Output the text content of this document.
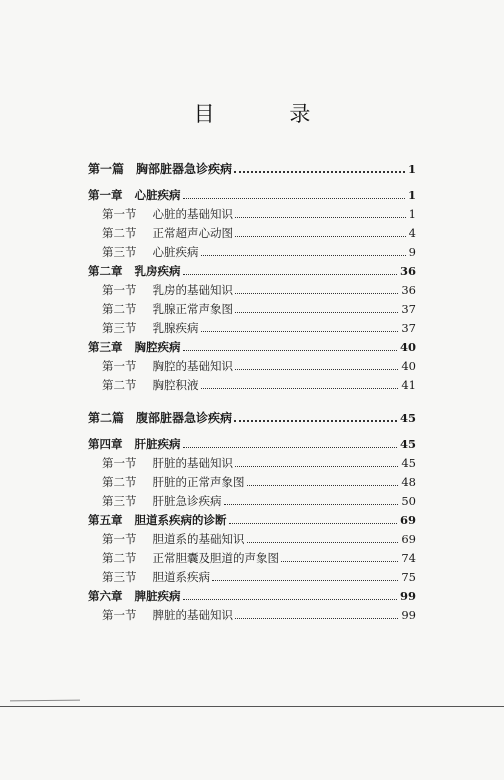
目 录
第一篇 胸部脏器急诊疾病	1
第一章 心脏疾病	1
第一节 心脏的基础知识	1
第二节 正常超声心动图	4
第三节 心脏疾病	9
第二章 乳房疾病	36
第一节 乳房的基础知识	36
第二节 乳腺正常声象图	37
第三节 乳腺疾病	37
第三章 胸腔疾病	40
第一节 胸腔的基础知识	40
第二节 胸腔积液	41
第二篇 腹部脏器急诊疾病	45
第四章 肝脏疾病	45
第一节 肝脏的基础知识	45
第二节 肝脏的正常声象图	48
第三节 肝脏急诊疾病	50
第五章 胆道系疾病的诊断	69
第一节 胆道系的基础知识	69
第二节 正常胆囊及胆道的声象图	74
第三节 胆道系疾病	75
第六章 脾脏疾病	99
第一节 脾脏的基础知识	99
